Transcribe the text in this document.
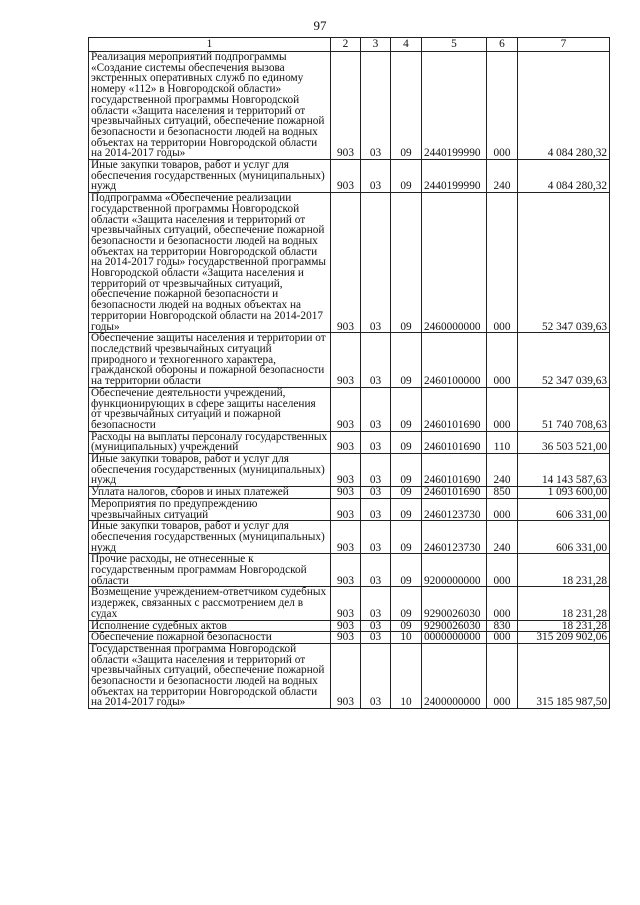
97
1	2	3	4	5	6	7
Реализация мероприятий подпрограммы «Создание системы обеспечения вызова экстренных оперативных служб по единому номеру «112» в Новгородской области» государственной программы Новгородской области «Защита населения и территорий от чрезвычайных ситуаций, обеспечение пожарной безопасности и безопасности людей на водных объектах на территории Новгородской области на 2014-2017 годы»	903	03	09	2440199990	000	4 084 280,32
Иные закупки товаров, работ и услуг для обеспечения государственных (муниципальных) нужд	903	03	09	2440199990	240	4 084 280,32
Подпрограмма «Обеспечение реализации государственной программы Новгородской области «Защита населения и территорий от чрезвычайных ситуаций, обеспечение пожарной безопасности и безопасности людей на водных объектах на территории Новгородской области на 2014-2017 годы» государственной программы Новгородской области «Защита населения и территорий от чрезвычайных ситуаций, обеспечение пожарной безопасности и безопасности людей на водных объектах на территории Новгородской области на 2014-2017 годы»	903	03	09	2460000000	000	52 347 039,63
Обеспечение защиты населения и территории от последствий чрезвычайных ситуаций природного и техногенного характера, гражданской обороны и пожарной безопасности на территории области	903	03	09	2460100000	000	52 347 039,63
Обеспечение деятельности учреждений, функционирующих в сфере защиты населения от чрезвычайных ситуаций и пожарной безопасности	903	03	09	2460101690	000	51 740 708,63
Расходы на выплаты персоналу государственных (муниципальных) учреждений	903	03	09	2460101690	110	36 503 521,00
Иные закупки товаров, работ и услуг для обеспечения государственных (муниципальных) нужд	903	03	09	2460101690	240	14 143 587,63
Уплата налогов, сборов и иных платежей	903	03	09	2460101690	850	1 093 600,00
Мероприятия по предупреждению чрезвычайных ситуаций	903	03	09	2460123730	000	606 331,00
Иные закупки товаров, работ и услуг для обеспечения государственных (муниципальных) нужд	903	03	09	2460123730	240	606 331,00
Прочие расходы, не отнесенные к государственным программам Новгородской области	903	03	09	9200000000	000	18 231,28
Возмещение учреждением-ответчиком судебных издержек, связанных с рассмотрением дел в судах	903	03	09	9290026030	000	18 231,28
Исполнение судебных актов	903	03	09	9290026030	830	18 231,28
Обеспечение пожарной безопасности	903	03	10	0000000000	000	315 209 902,06
Государственная программа Новгородской области «Защита населения и территорий от чрезвычайных ситуаций, обеспечение пожарной безопасности и безопасности людей на водных объектах на территории Новгородской области на 2014-2017 годы»	903	03	10	2400000000	000	315 185 987,50
